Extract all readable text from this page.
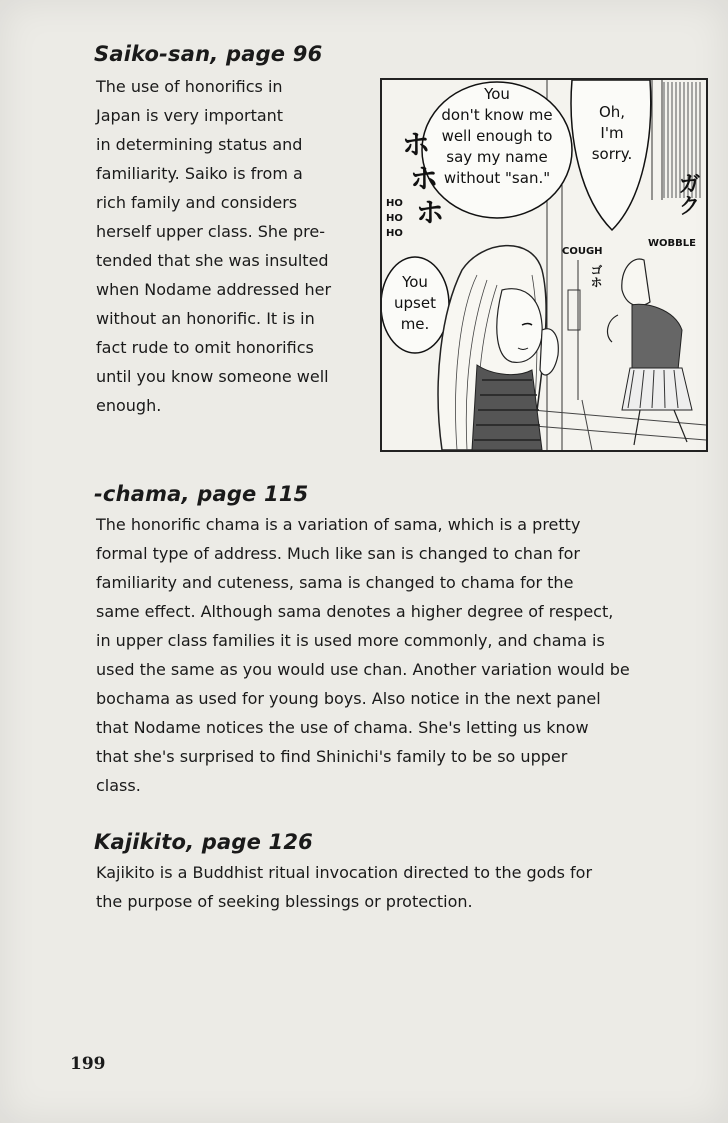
Saiko-san, page 96
The use of honorifics in
Japan is very important
in determining status and
familiarity. Saiko is from a
rich family and considers
herself upper class. She pre-
tended that she was insulted
when Nodame addressed her
without an honorific. It is in
fact rude to omit honorifics
until you know someone well
enough.
You
don't know me
well enough to
say my name
without "san."
Oh,
I'm
sorry.
You
upset
me.
ホ
ホ
ホ
HO
HO
HO
COUGH
ゴホ
WOBBLE
ガク
-chama, page 115
The honorific chama is a variation of sama, which is a pretty
formal type of address. Much like san is changed to chan for
familiarity and cuteness, sama is changed to chama for the
same effect. Although sama denotes a higher degree of respect,
in upper class families it is used more commonly, and chama is
used the same as you would use chan. Another variation would be
bochama as used for young boys. Also notice in the next panel
that Nodame notices the use of chama. She's letting us know
that she's surprised to find Shinichi's family to be so upper
class.
Kajikito, page 126
Kajikito is a Buddhist ritual invocation directed to the gods for
the purpose of seeking blessings or protection.
199
